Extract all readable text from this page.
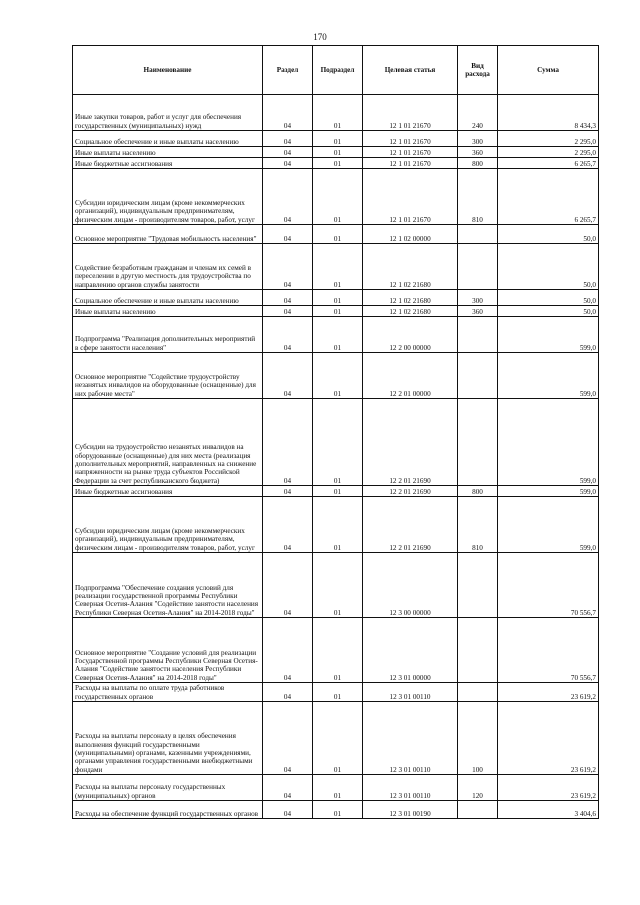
170
Наименование	Раздел	Подраздел	Целевая статья	Вид расхода	Сумма
Иные закупки товаров, работ и услуг для обеспечения государственных (муниципальных) нужд	04	01	12 1 01 21670	240	8 434,3
Социальное обеспечение и иные выплаты населению	04	01	12 1 01 21670	300	2 295,0
Иные выплаты населению	04	01	12 1 01 21670	360	2 295,0
Иные бюджетные ассигнования	04	01	12 1 01 21670	800	6 265,7
Субсидии юридическим лицам (кроме некоммерческих организаций), индивидуальным предпринимателям, физическим лицам - производителям товаров, работ, услуг	04	01	12 1 01 21670	810	6 265,7
Основное мероприятие "Трудовая мобильность населения"	04	01	12 1 02 00000		50,0
Содействие безработным гражданам и членам их семей в переселении в другую местность для трудоустройства по направлению органов службы занятости	04	01	12 1 02 21680		50,0
Социальное обеспечение и иные выплаты населению	04	01	12 1 02 21680	300	50,0
Иные выплаты населению	04	01	12 1 02 21680	360	50,0
Подпрограмма "Реализация дополнительных мероприятий в сфере занятости населения"	04	01	12 2 00 00000		599,0
Основное мероприятие "Содействие трудоустройству незанятых инвалидов на оборудованные (оснащенные) для них рабочие места"	04	01	12 2 01 00000		599,0
Субсидии на трудоустройство незанятых инвалидов на оборудованные (оснащенные) для них места (реализация дополнительных мероприятий, направленных на снижение напряженности на рынке труда субъектов Российской Федерации за счет республиканского бюджета)	04	01	12 2 01 21690		599,0
Иные бюджетные ассигнования	04	01	12 2 01 21690	800	599,0
Субсидии юридическим лицам (кроме некоммерческих организаций), индивидуальным предпринимателям, физическим лицам - производителям товаров, работ, услуг	04	01	12 2 01 21690	810	599,0
Подпрограмма "Обеспечение создания условий для реализации государственной программы Республики Северная Осетия-Алания "Содействие занятости населения Республики Северная Осетия-Алания" на 2014-2018 годы"	04	01	12 3 00 00000		70 556,7
Основное мероприятие "Создание условий для реализации Государственной программы Республики Северная Осетия-Алания "Содействие занятости населения Республики Северная Осетия-Алания" на 2014-2018 годы"	04	01	12 3 01 00000		70 556,7
Расходы на выплаты по оплате труда работников государственных органов	04	01	12 3 01 00110		23 619,2
Расходы на выплаты персоналу в целях обеспечения выполнения функций государственными (муниципальными) органами, казенными учреждениями, органами управления государственными внебюджетными фондами	04	01	12 3 01 00110	100	23 619,2
Расходы на выплаты персоналу государственных (муниципальных) органов	04	01	12 3 01 00110	120	23 619,2
Расходы на обеспечение функций государственных органов	04	01	12 3 01 00190		3 404,6
